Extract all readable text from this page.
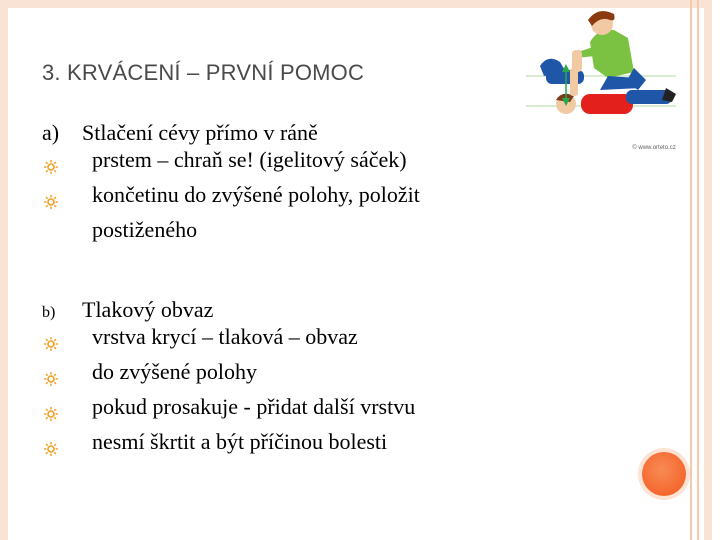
3. KRVÁCENÍ – PRVNÍ POMOC
© www.orteto.cz
a)	Stlačení cévy přímo v ráně
prstem – chraň se! (igelitový sáček)
končetinu do zvýšené polohy, položit
postiženého
b)	Tlakový obvaz
vrstva krycí – tlaková – obvaz
do zvýšené polohy
pokud prosakuje - přidat další vrstvu
nesmí škrtit a být příčinou bolesti
